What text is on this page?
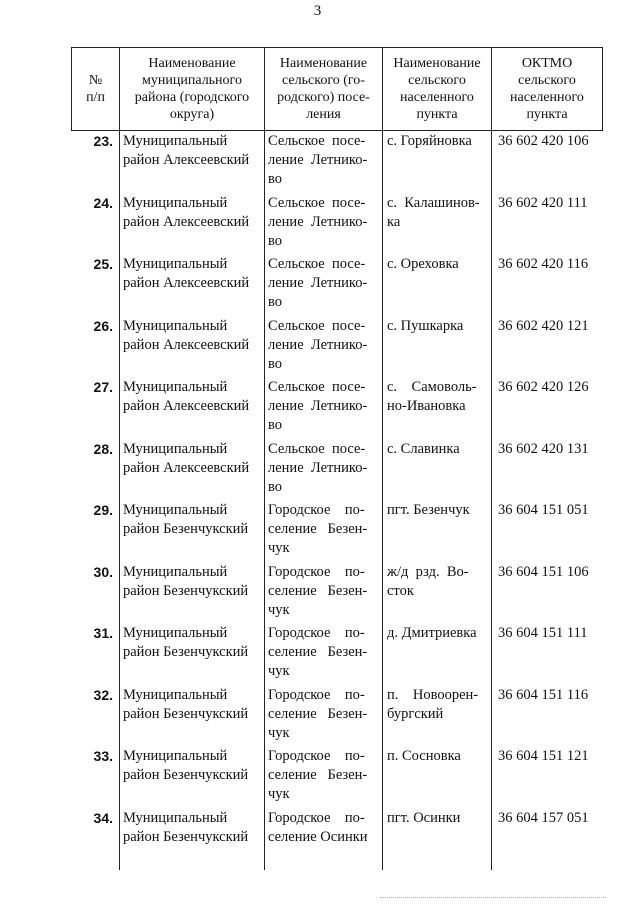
3
№
п/п	Наименование
муниципального
района (городского
округа)	Наименование
сельского (го-
родского) посе-
ления	Наименование
сельского
населенного
пункта	ОКТМО
сельского
населенного
пункта
23.	Муниципальный
район Алексеевский	Сельское  посе-
ление  Летнико-
во	с. Горяйновка	36 602 420 106
24.	Муниципальный
район Алексеевский	Сельское  посе-
ление  Летнико-
во	с.  Калашинов-
ка	36 602 420 111
25.	Муниципальный
район Алексеевский	Сельское  посе-
ление  Летнико-
во	с. Ореховка	36 602 420 116
26.	Муниципальный
район Алексеевский	Сельское  посе-
ление  Летнико-
во	с. Пушкарка	36 602 420 121
27.	Муниципальный
район Алексеевский	Сельское  посе-
ление  Летнико-
во	с.    Самоволь-
но-Ивановка	36 602 420 126
28.	Муниципальный
район Алексеевский	Сельское  посе-
ление  Летнико-
во	с. Славинка	36 602 420 131
29.	Муниципальный
район Безенчукский	Городское    по-
селение   Безен-
чук	пгт. Безенчук	36 604 151 051
30.	Муниципальный
район Безенчукский	Городское    по-
селение   Безен-
чук	ж/д  рзд.  Во-
сток	36 604 151 106
31.	Муниципальный
район Безенчукский	Городское    по-
селение   Безен-
чук	д. Дмитриевка	36 604 151 111
32.	Муниципальный
район Безенчукский	Городское    по-
селение   Безен-
чук	п.    Новоорен-
бургский	36 604 151 116
33.	Муниципальный
район Безенчукский	Городское    по-
селение   Безен-
чук	п. Сосновка	36 604 151 121
34.	Муниципальный
район Безенчукский	Городское    по-
селение Осинки	пгт. Осинки	36 604 157 051
